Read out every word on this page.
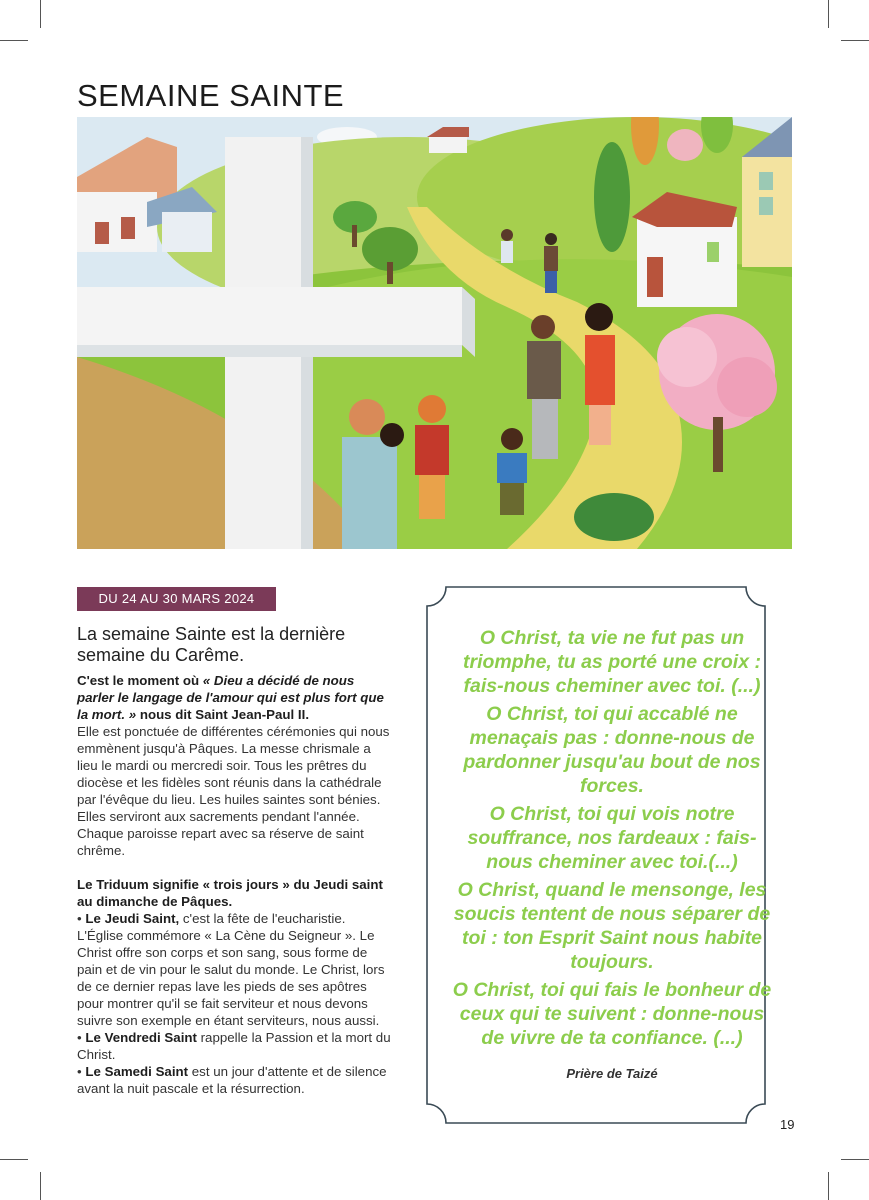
SEMAINE SAINTE
DU 24 AU 30 MARS 2024
La semaine Sainte est la dernière semaine du Carême.

C'est le moment où « Dieu a décidé de nous parler le langage de l'amour qui est plus fort que la mort. » nous dit Saint Jean-Paul II.

Elle est ponctuée de différentes cérémonies qui nous emmènent jusqu'à Pâques. La messe chrismale a lieu le mardi ou mercredi soir. Tous les prêtres du diocèse et les fidèles sont réunis dans la cathédrale par l'évêque du lieu. Les huiles saintes sont bénies. Elles serviront aux sacrements pendant l'année. Chaque paroisse repart avec sa réserve de saint chrême.

Le Triduum signifie « trois jours » du Jeudi saint au dimanche de Pâques.

• Le Jeudi Saint, c'est la fête de l'eucharistie. L'Église commémore « La Cène du Seigneur ». Le Christ offre son corps et son sang, sous forme de pain et de vin pour le salut du monde. Le Christ, lors de ce dernier repas lave les pieds de ses apôtres pour montrer qu'il se fait serviteur et nous devons suivre son exemple en étant serviteurs, nous aussi.

• Le Vendredi Saint rappelle la Passion et la mort du Christ.

• Le Samedi Saint est un jour d'attente et de silence avant la nuit pascale et la résurrection.

O Christ, ta vie ne fut pas un triomphe, tu as porté une croix : fais-nous cheminer avec toi. (...)

O Christ, toi qui accablé ne menaçais pas : donne-nous de pardonner jusqu'au bout de nos forces.

O Christ, toi qui vois notre souffrance, nos fardeaux : fais-nous cheminer avec toi.(...)

O Christ, quand le mensonge, les soucis tentent de nous séparer de toi : ton Esprit Saint nous habite toujours.

O Christ, toi qui fais le bonheur de ceux qui te suivent : donne-nous de vivre de ta confiance. (...)

Prière de Taizé
19
